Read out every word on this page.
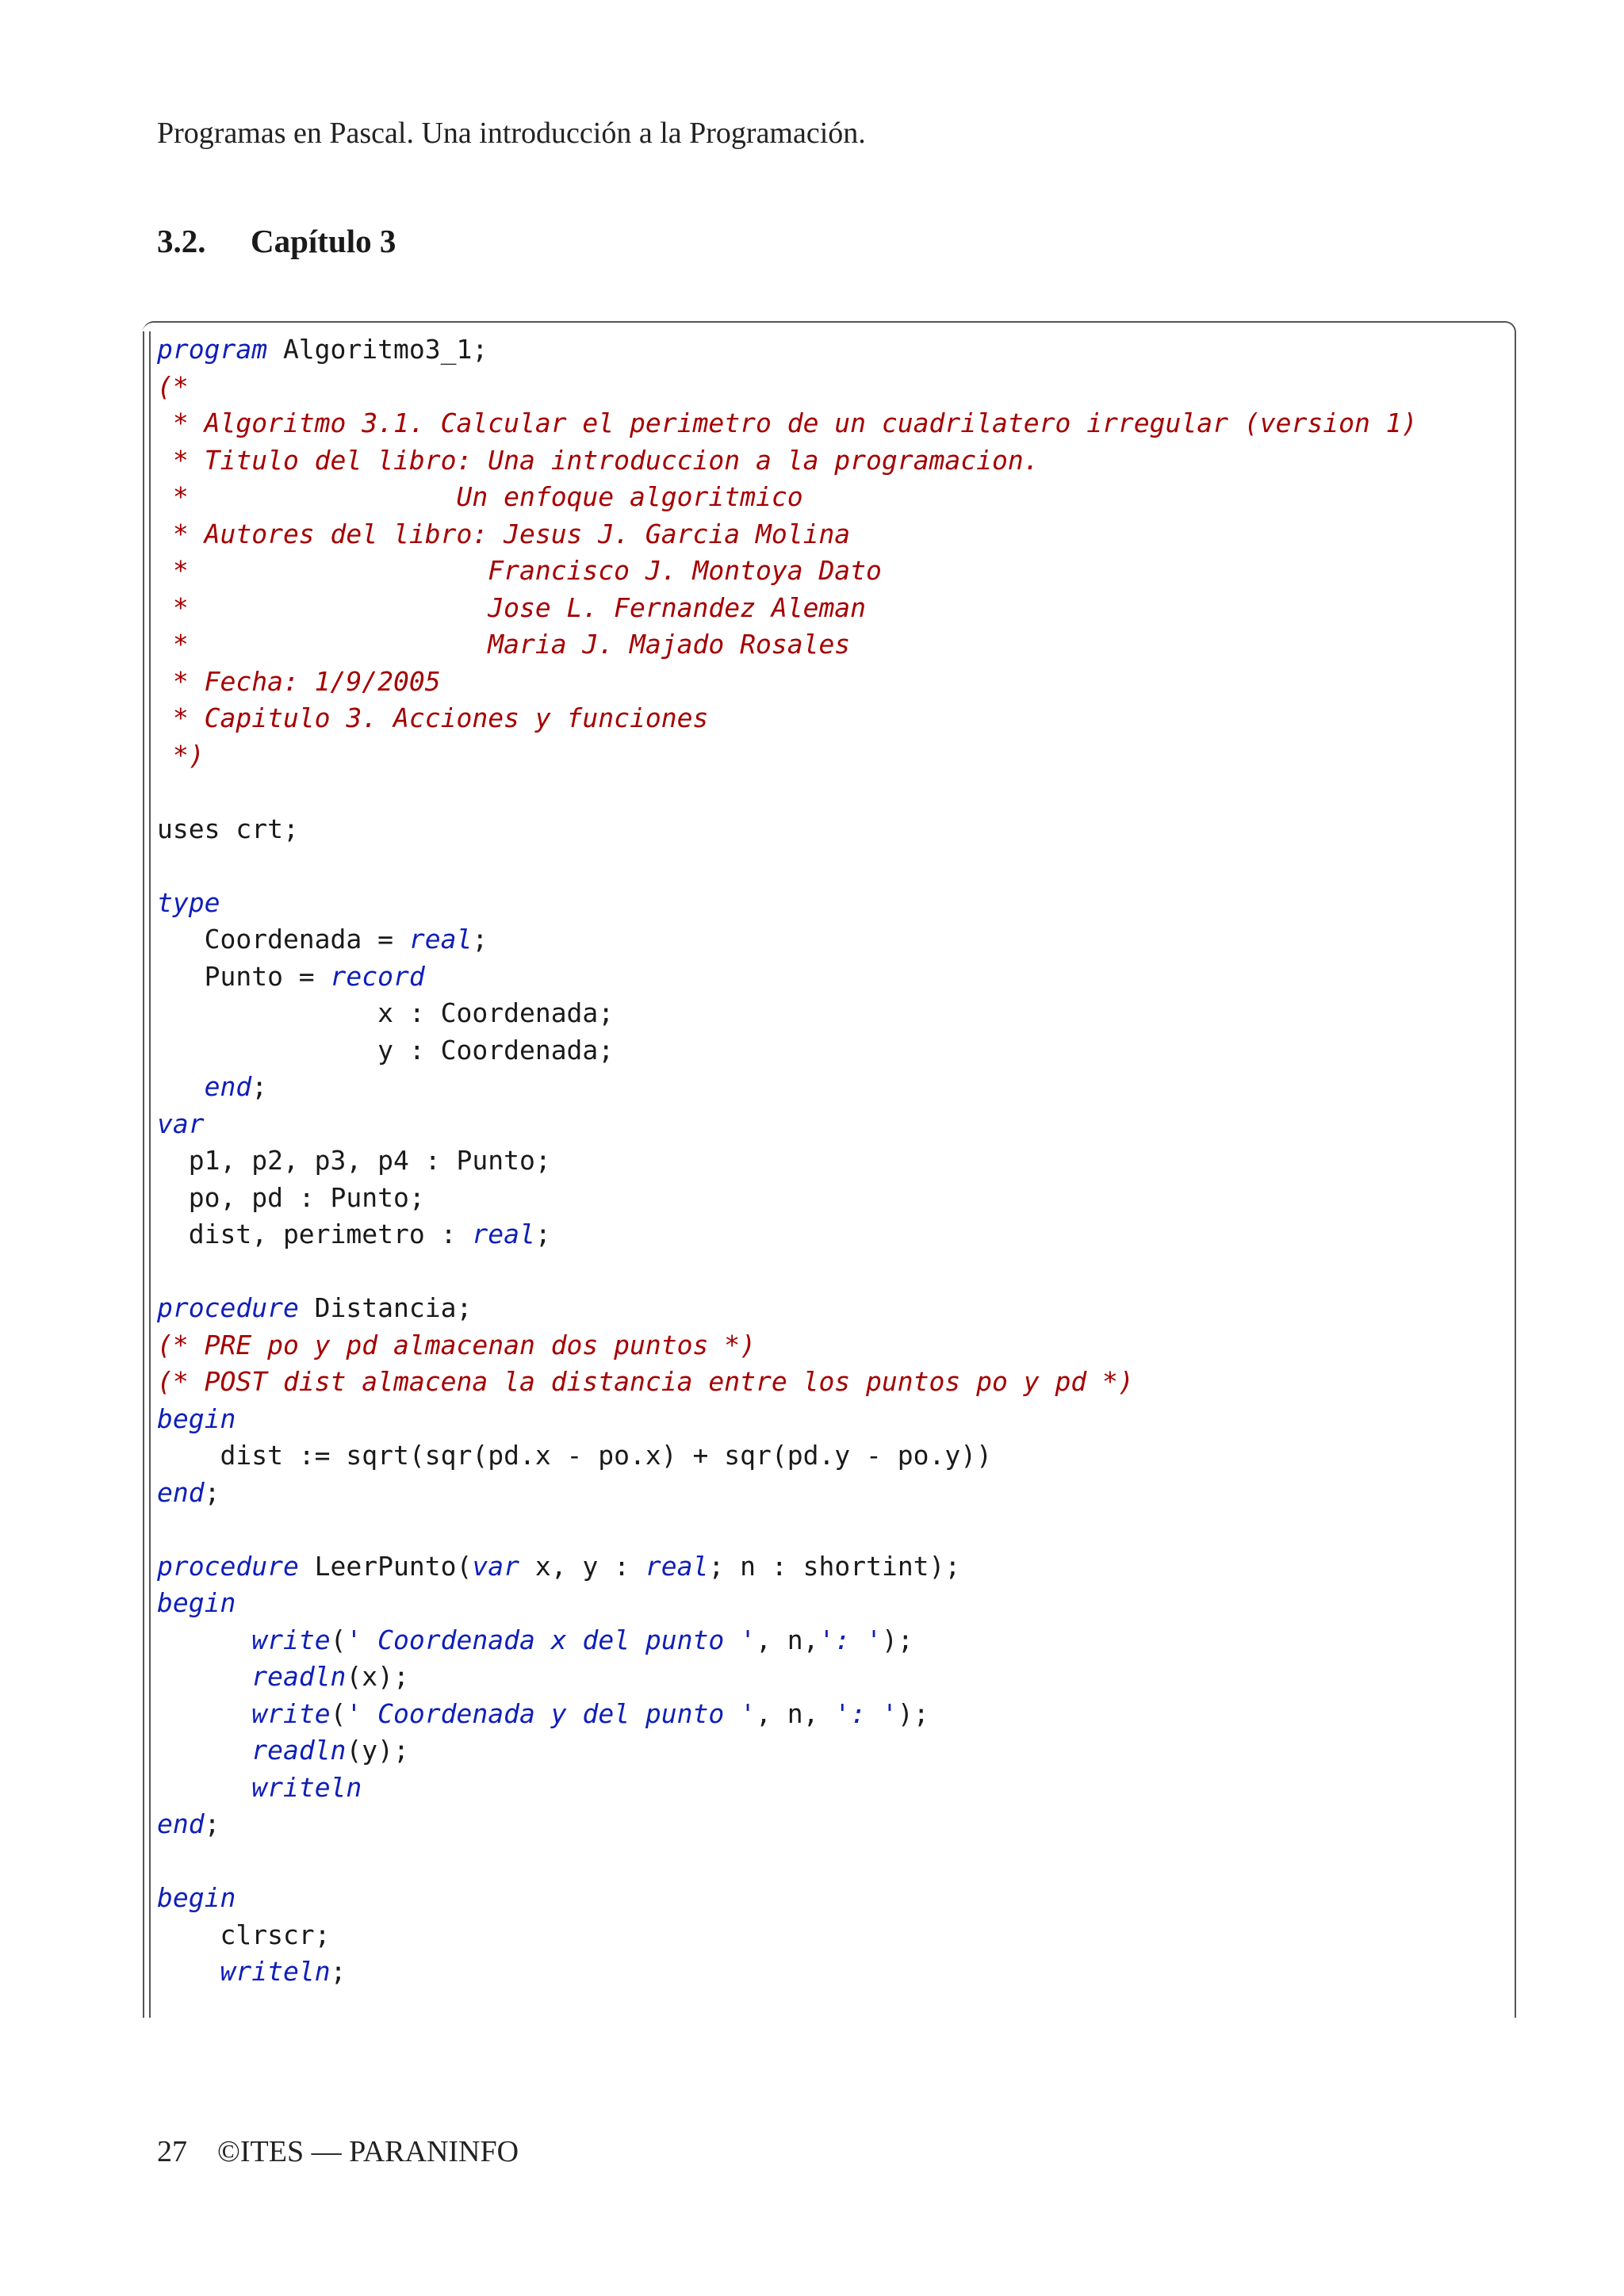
Programas en Pascal. Una introducción a la Programación.
3.2. Capítulo 3
program Algoritmo3_1;
(*
* Algoritmo 3.1. Calcular el perimetro de un cuadrilatero irregular (version 1)
* Titulo del libro: Una introduccion a la programacion.
*                 Un enfoque algoritmico
* Autores del libro: Jesus J. Garcia Molina
*                   Francisco J. Montoya Dato
*                   Jose L. Fernandez Aleman
*                   Maria J. Majado Rosales
* Fecha: 1/9/2005
* Capitulo 3. Acciones y funciones
*)
uses crt;
type
Coordenada = real;
Punto = record
x : Coordenada;
y : Coordenada;
end;
var
p1, p2, p3, p4 : Punto;
po, pd : Punto;
dist, perimetro : real;
procedure Distancia;
(* PRE po y pd almacenan dos puntos *)
(* POST dist almacena la distancia entre los puntos po y pd *)
begin
dist := sqrt(sqr(pd.x - po.x) + sqr(pd.y - po.y))
end;
procedure LeerPunto(var x, y : real; n : shortint);
begin
write(' Coordenada x del punto ', n,': ');
readln(x);
write(' Coordenada y del punto ', n, ': ');
readln(y);
writeln
end;
begin
clrscr;
writeln;
27 ©ITES — PARANINFO
